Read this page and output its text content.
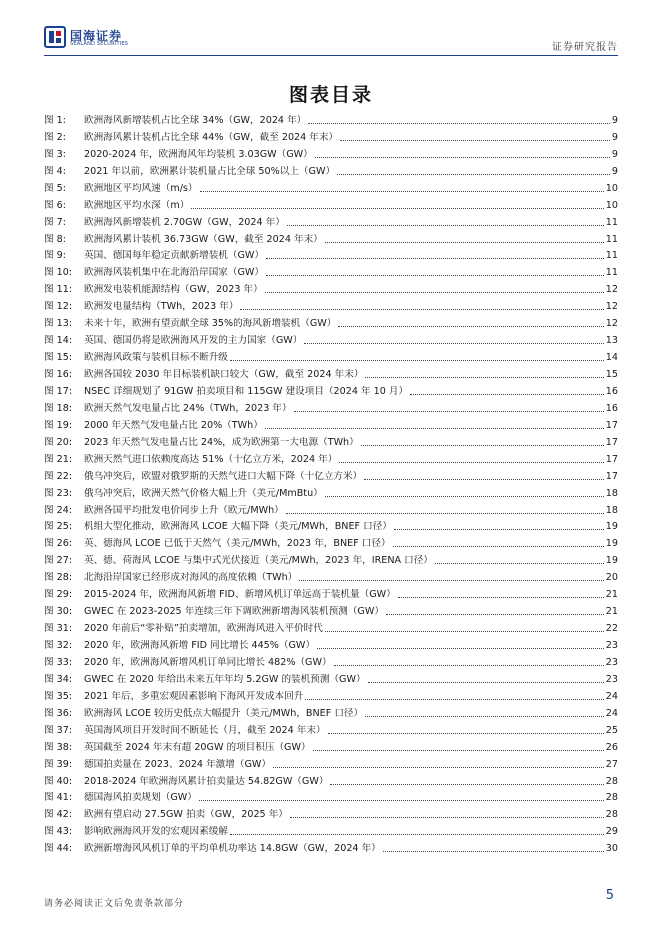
国海证券
SEALAND SECURITIES	证券研究报告
图表目录
图 1:	欧洲海风新增装机占比全球 34%（GW，2024 年）	9
图 2:	欧洲海风累计装机占比全球 44%（GW，截至 2024 年末）	9
图 3:	2020-2024 年，欧洲海风年均装机 3.03GW（GW）	9
图 4:	2021 年以前，欧洲累计装机量占比全球 50%以上（GW）	9
图 5:	欧洲地区平均风速（m/s）	10
图 6:	欧洲地区平均水深（m）	10
图 7:	欧洲海风新增装机 2.70GW（GW，2024 年）	11
图 8:	欧洲海风累计装机 36.73GW（GW，截至 2024 年末）	11
图 9:	英国、德国每年稳定贡献新增装机（GW）	11
图 10:	欧洲海风装机集中在北海沿岸国家（GW）	11
图 11:	欧洲发电装机能源结构（GW，2023 年）	12
图 12:	欧洲发电量结构（TWh，2023 年）	12
图 13:	未来十年，欧洲有望贡献全球 35%的海风新增装机（GW）	12
图 14:	英国、德国仍将是欧洲海风开发的主力国家（GW）	13
图 15:	欧洲海风政策与装机目标不断升级	14
图 16:	欧洲各国较 2030 年目标装机缺口较大（GW，截至 2024 年末）	15
图 17:	NSEC 详细规划了 91GW 拍卖项目和 115GW 建设项目（2024 年 10 月）	16
图 18:	欧洲天然气发电量占比 24%（TWh，2023 年）	16
图 19:	2000 年天然气发电量占比 20%（TWh）	17
图 20:	2023 年天然气发电量占比 24%，成为欧洲第一大电源（TWh）	17
图 21:	欧洲天然气进口依赖度高达 51%（十亿立方米，2024 年）	17
图 22:	俄乌冲突后，欧盟对俄罗斯的天然气进口大幅下降（十亿立方米）	17
图 23:	俄乌冲突后，欧洲天然气价格大幅上升（美元/MmBtu）	18
图 24:	欧洲各国平均批发电价同步上升（欧元/MWh）	18
图 25:	机组大型化推动，欧洲海风 LCOE 大幅下降（美元/MWh，BNEF 口径）	19
图 26:	英、德海风 LCOE 已低于天然气（美元/MWh，2023 年，BNEF 口径）	19
图 27:	英、德、荷海风 LCOE 与集中式光伏接近（美元/MWh，2023 年，IRENA 口径）	19
图 28:	北海沿岸国家已经形成对海风的高度依赖（TWh）	20
图 29:	2015-2024 年，欧洲海风新增 FID、新增风机订单远高于装机量（GW）	21
图 30:	GWEC 在 2023-2025 年连续三年下调欧洲新增海风装机预测（GW）	21
图 31:	2020 年前后“零补贴”拍卖增加，欧洲海风进入平价时代	22
图 32:	2020 年，欧洲海风新增 FID 同比增长 445%（GW）	23
图 33:	2020 年，欧洲海风新增风机订单同比增长 482%（GW）	23
图 34:	GWEC 在 2020 年给出未来五年年均 5.2GW 的装机预测（GW）	23
图 35:	2021 年后，多重宏观因素影响下海风开发成本回升	24
图 36:	欧洲海风 LCOE 较历史低点大幅提升（美元/MWh，BNEF 口径）	24
图 37:	英国海风项目开发时间不断延长（月，截至 2024 年末）	25
图 38:	英国截至 2024 年末有超 20GW 的项目积压（GW）	26
图 39:	德国拍卖量在 2023、2024 年激增（GW）	27
图 40:	2018-2024 年欧洲海风累计拍卖量达 54.82GW（GW）	28
图 41:	德国海风拍卖规划（GW）	28
图 42:	欧洲有望启动 27.5GW 拍卖（GW，2025 年）	28
图 43:	影响欧洲海风开发的宏观因素缓解	29
图 44:	欧洲新增海风风机订单的平均单机功率达 14.8GW（GW，2024 年）	30
请务必阅读正文后免责条款部分
5
